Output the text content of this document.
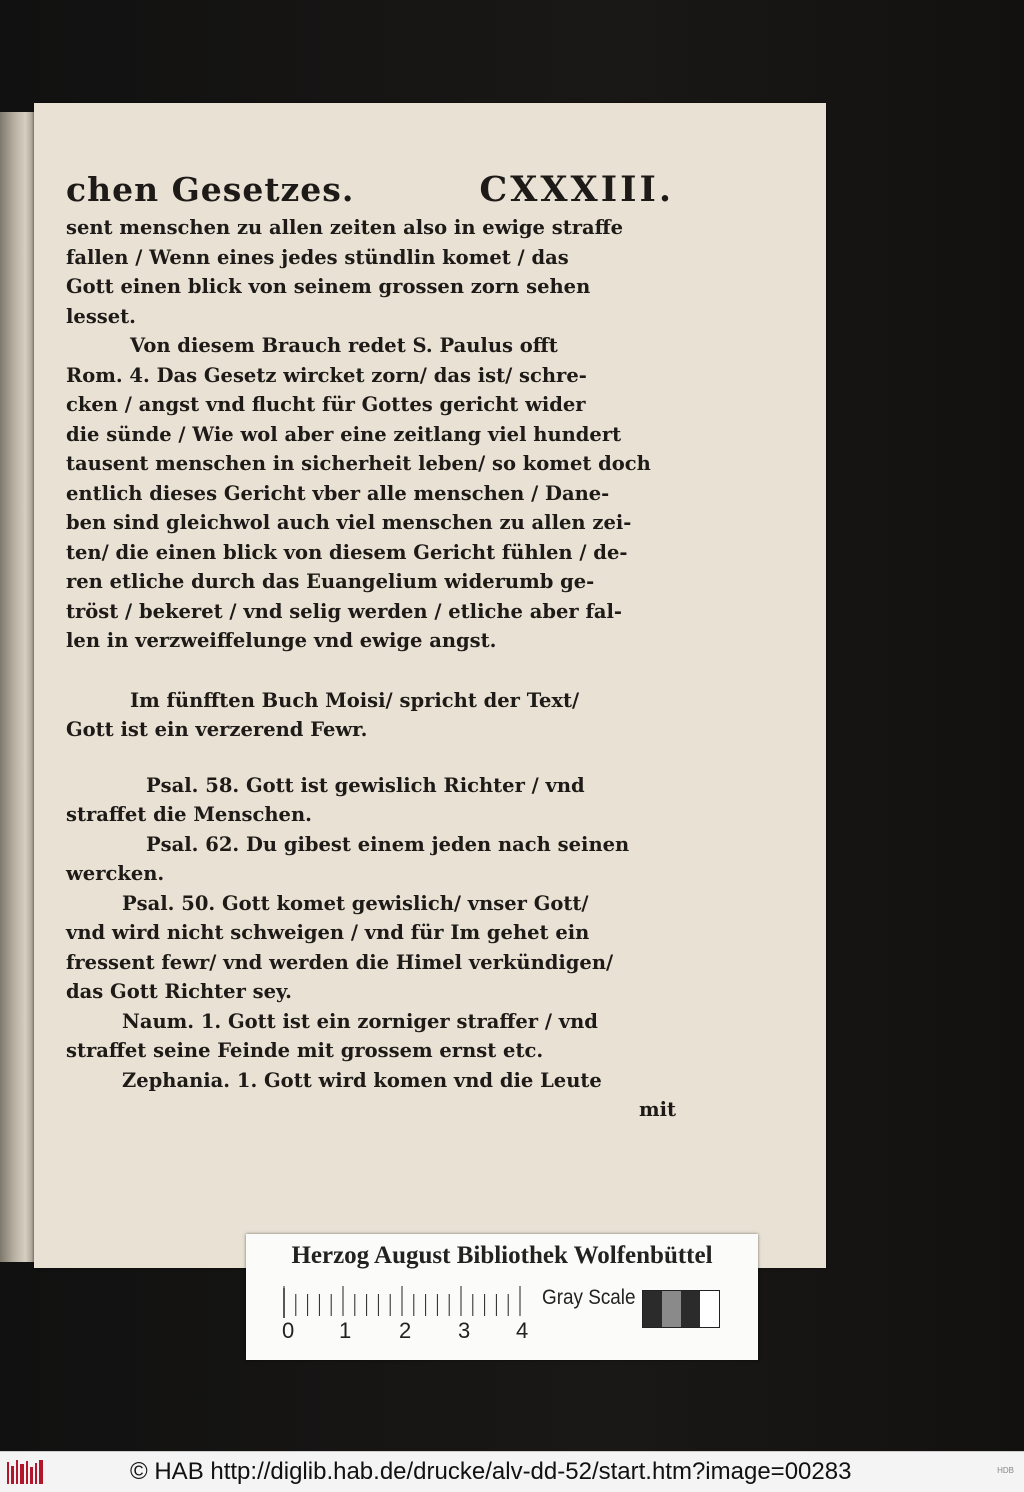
chen Gesetzes.	CXXXIII.
sent menschen zu allen zeiten also in ewige straffe
fallen / Wenn eines jedes stündlin komet / das
Gott einen blick von seinem grossen zorn sehen
lesset.
Von diesem Brauch redet S. Paulus offt
Rom. 4. Das Gesetz wircket zorn/ das ist/ schre-
cken / angst vnd flucht für Gottes gericht wider
die sünde / Wie wol aber eine zeitlang viel hundert
tausent menschen in sicherheit leben/ so komet doch
entlich dieses Gericht vber alle menschen / Dane-
ben sind gleichwol auch viel menschen zu allen zei-
ten/ die einen blick von diesem Gericht fühlen / de-
ren etliche durch das Euangelium widerumb ge-
tröst / bekeret / vnd selig werden / etliche aber fal-
len in verzweiffelunge vnd ewige angst.
Im fünfften Buch Moisi/ spricht der Text/
Gott ist ein verzerend Fewr.
Psal. 58. Gott ist gewislich Richter / vnd
straffet die Menschen.
Psal. 62. Du gibest einem jeden nach seinen
wercken.
Psal. 50. Gott komet gewislich/ vnser Gott/
vnd wird nicht schweigen / vnd für Im gehet ein
fressent fewr/ vnd werden die Himel verkündigen/
das Gott Richter sey.
Naum. 1. Gott ist ein zorniger straffer / vnd
straffet seine Feinde mit grossem ernst etc.
Zephania. 1. Gott wird komen vnd die Leute
mit
Herzog August Bibliothek Wolfenbüttel
Gray Scale
0 1 2 3 4
© HAB http://diglib.hab.de/drucke/alv-dd-52/start.htm?image=00283	HDB
